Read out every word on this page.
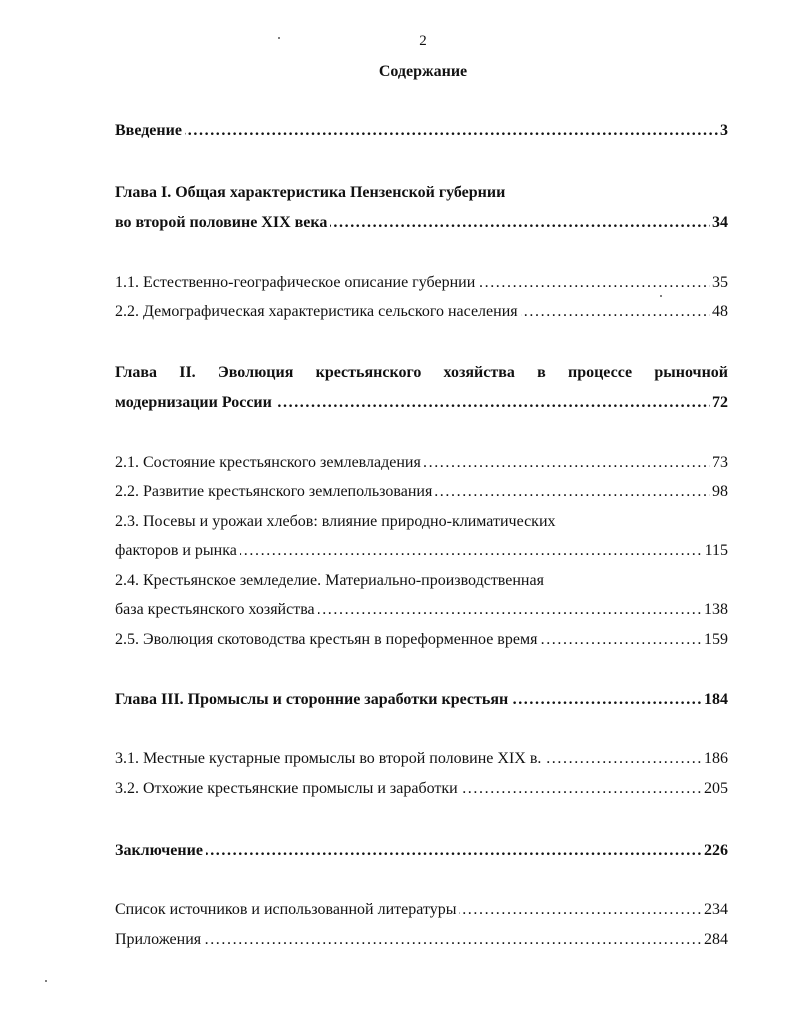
2
Содержание
. . . Введение	3
Глава I. Общая характеристика Пензенской губернии
. . . во второй половине XIX века	34
. . . 1.1. Естественно-географическое описание губернии	35
. . . 2.2. Демографическая характеристика сельского населения	48
Глава II. Эволюция крестьянского хозяйства в процессе рыночной
. . . модернизации России	72
. . . 2.1. Состояние крестьянского землевладения	73
. . . 2.2. Развитие крестьянского землепользования	98
2.3. Посевы и урожаи хлебов: влияние природно-климатических
. . . факторов и рынка	115
2.4. Крестьянское земледелие. Материально-производственная
. . . база крестьянского хозяйства	138
. . . 2.5. Эволюция скотоводства крестьян в пореформенное время	159
. . . Глава III. Промыслы и сторонние заработки крестьян	184
. . . 3.1. Местные кустарные промыслы во второй половине XIX в.	186
. . . 3.2. Отхожие крестьянские промыслы и заработки	205
. . . Заключение	226
. . . Список источников и использованной литературы	234
. . . Приложения	284
